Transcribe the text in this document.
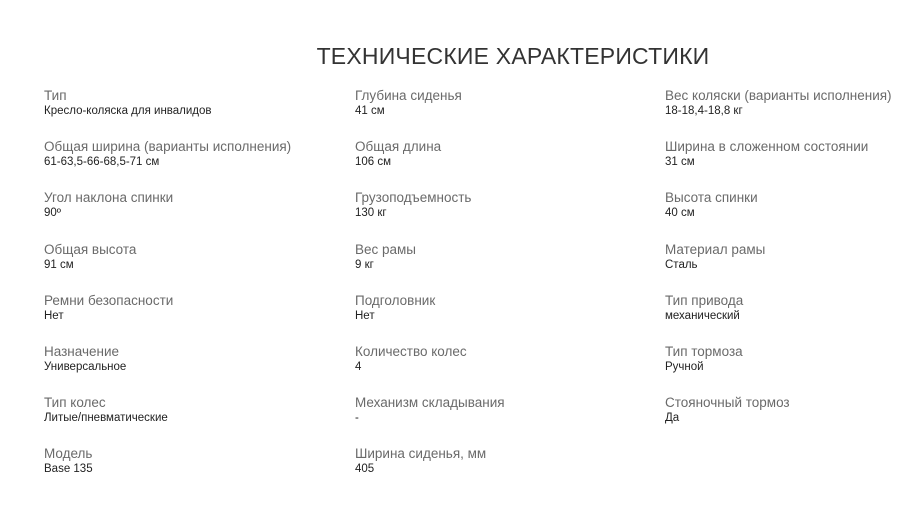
ТЕХНИЧЕСКИЕ ХАРАКТЕРИСТИКИ
Тип
Кресло-коляска для инвалидов
Глубина сиденья
41 см
Вес коляски (варианты исполнения)
18-18,4-18,8 кг
Общая ширина (варианты исполнения)
61-63,5-66-68,5-71 см
Общая длина
106 см
Ширина в сложенном состоянии
31 см
Угол наклона спинки
90º
Грузоподъемность
130 кг
Высота спинки
40 см
Общая высота
91 см
Вес рамы
9 кг
Материал рамы
Сталь
Ремни безопасности
Нет
Подголовник
Нет
Тип привода
механический
Назначение
Универсальное
Количество колес
4
Тип тормоза
Ручной
Тип колес
Литые/пневматические
Механизм складывания
-
Стояночный тормоз
Да
Модель
Base 135
Ширина сиденья, мм
405
